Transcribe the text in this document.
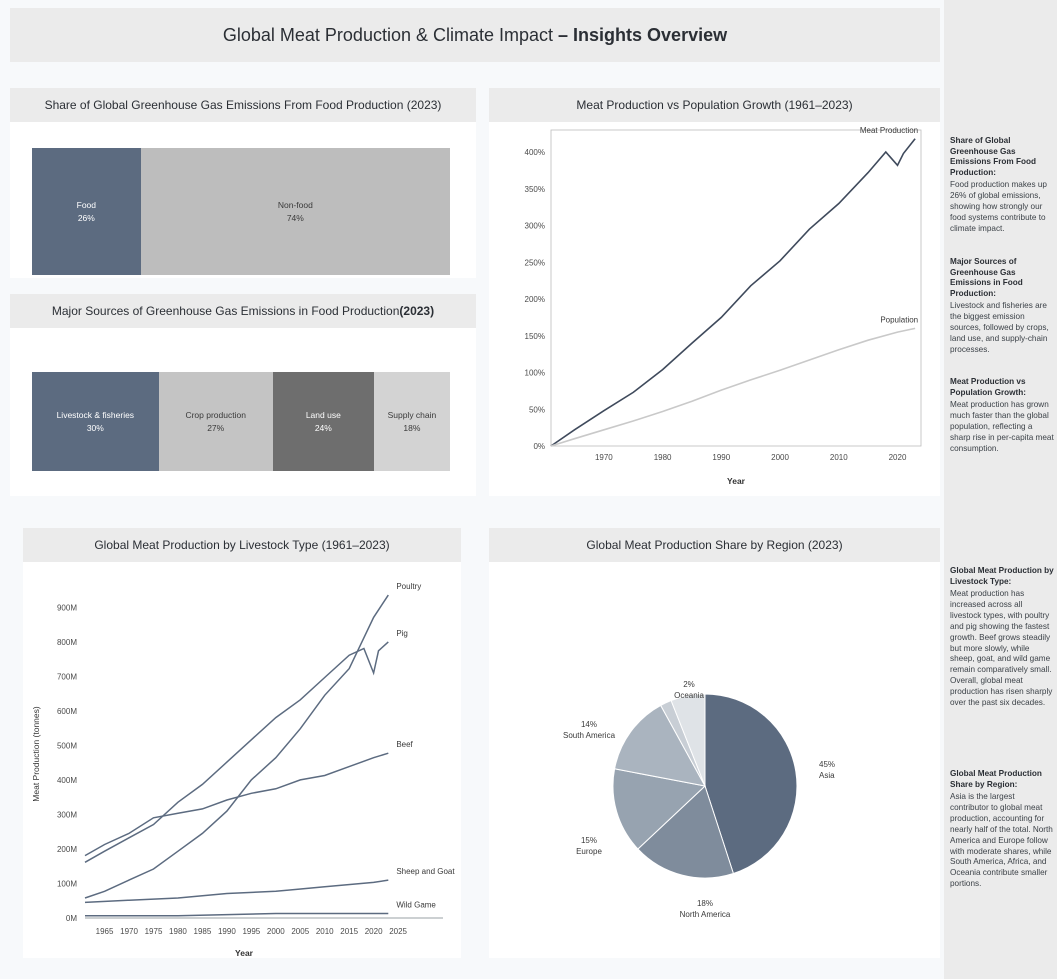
Global Meat Production & Climate Impact – Insights Overview
Share of Global Greenhouse Gas Emissions From Food Production (2023)
Food
26%
Non-food
74%
Major Sources of Greenhouse Gas Emissions in Food Production (2023)
Livestock & fisheries
30%
Crop production
27%
Land use
24%
Supply chain
18%
Meat Production vs Population Growth (1961–2023)
0%
50%
100%
150%
200%
250%
300%
350%
400%
1970	1980	1990	2000	2010	2020
Year
Meat Production
Population
Global Meat Production by Livestock Type (1961–2023)
0M
100M
200M
300M
400M
500M
600M
700M
800M
900M
1965 1970 1975 1980 1985 1990 1995 2000 2005 2010 2015 2020 2025
Year
Meat Production (tonnes)
Poultry
Pig
Beef
Sheep and Goat
Wild Game
Global Meat Production Share by Region (2023)
45%
Asia
18%
North America
15%
Europe
14%
South America
2%
Oceania
Share of Global Greenhouse Gas Emissions From Food Production:

Food production makes up 26% of global emissions, showing how strongly our food systems contribute to climate impact.

Major Sources of Greenhouse Gas Emissions in Food Production:

Livestock and fisheries are the biggest emission sources, followed by crops, land use, and supply-chain processes.

Meat Production vs Population Growth:

Meat production has grown much faster than the global population, reflecting a sharp rise in per-capita meat consumption.

Global Meat Production by Livestock Type:

Meat production has increased across all livestock types, with poultry and pig showing the fastest growth. Beef grows steadily but more slowly, while sheep, goat, and wild game remain comparatively small. Overall, global meat production has risen sharply over the past six decades.

Global Meat Production Share by Region:

Asia is the largest contributor to global meat production, accounting for nearly half of the total. North America and Europe follow with moderate shares, while South America, Africa, and Oceania contribute smaller portions.
